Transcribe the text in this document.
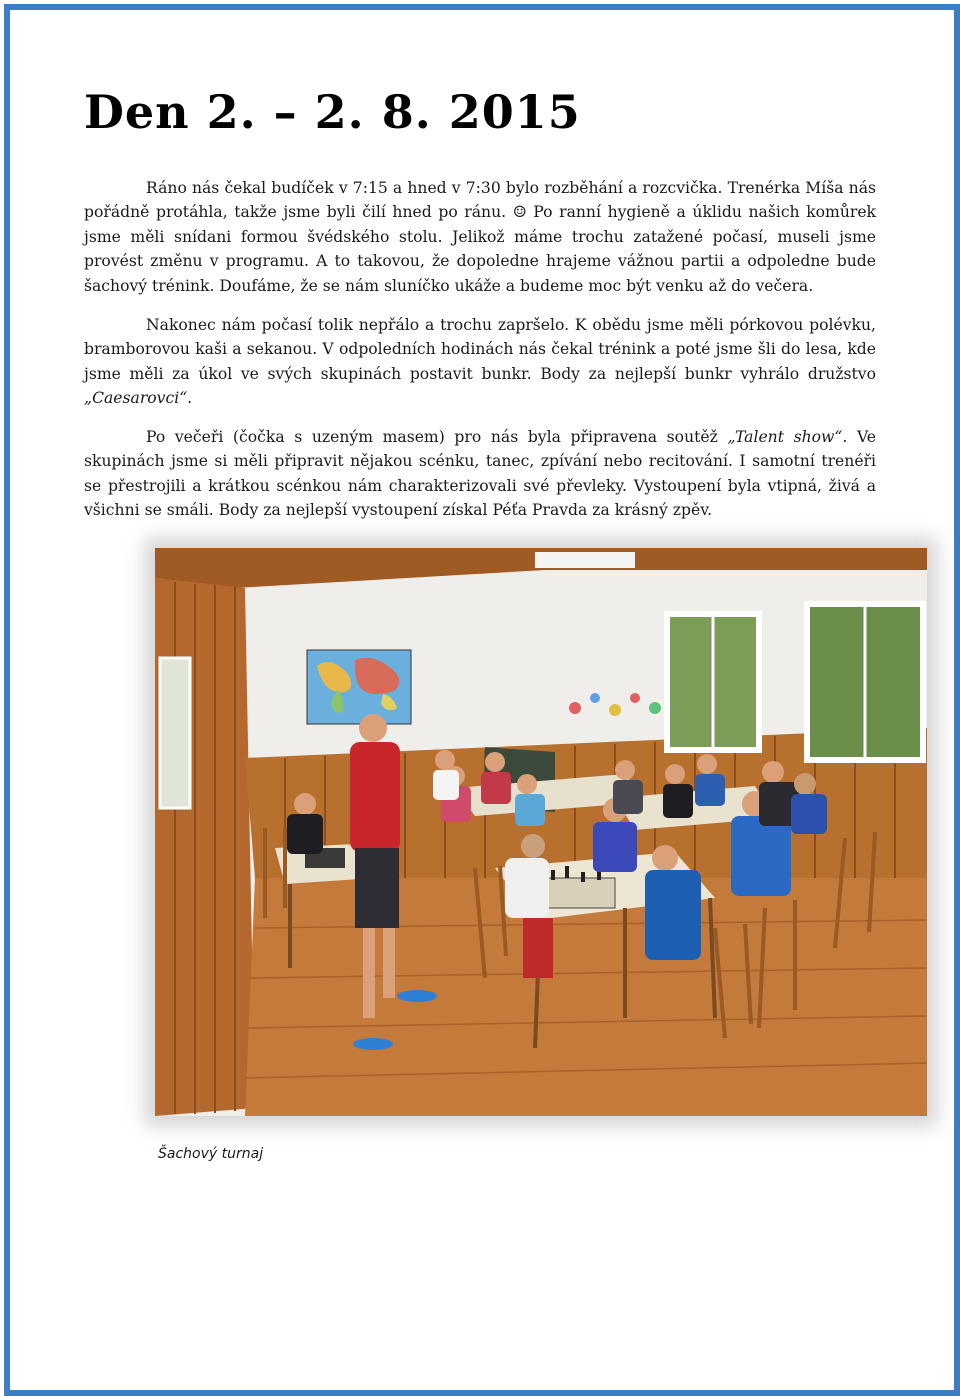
Den 2. – 2. 8. 2015

Ráno nás čekal budíček v 7:15 a hned v 7:30 bylo rozběhání a rozcvička. Trenérka Míša nás pořádně protáhla, takže jsme byli čilí hned po ránu. ☺ Po ranní hygieně a úklidu našich komůrek jsme měli snídani formou švédského stolu. Jelikož máme trochu zatažené počasí, museli jsme provést změnu v programu. A to takovou, že dopoledne hrajeme vážnou partii a odpoledne bude šachový trénink. Doufáme, že se nám sluníčko ukáže a budeme moc být venku až do večera.

Nakonec nám počasí tolik nepřálo a trochu zapršelo. K obědu jsme měli pórkovou polévku, bramborovou kaši a sekanou. V odpoledních hodinách nás čekal trénink a poté jsme šli do lesa, kde jsme měli za úkol ve svých skupinách postavit bunkr. Body za nejlepší bunkr vyhrálo družstvo „Caesarovci“.

Po večeři (čočka s uzeným masem) pro nás byla připravena soutěž „Talent show“. Ve skupinách jsme si měli připravit nějakou scénku, tanec, zpívání nebo recitování. I samotní trenéři se přestrojili a krátkou scénkou nám charakterizovali své převleky. Vystoupení byla vtipná, živá a všichni se smáli. Body za nejlepší vystoupení získal Péťa Pravda za krásný zpěv.

Šachový turnaj
